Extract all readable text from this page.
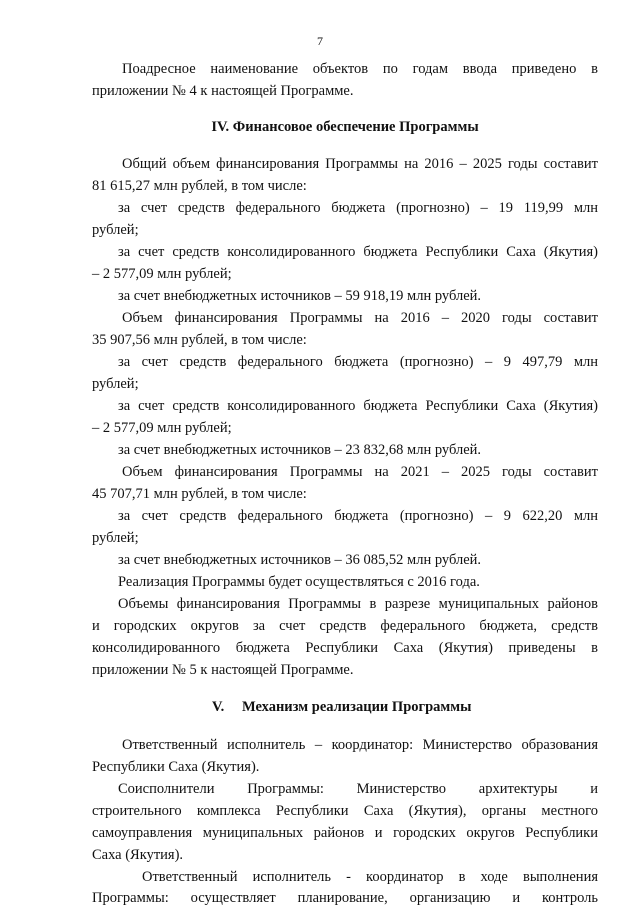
7
Поадресное наименование объектов по годам ввода приведено в
приложении № 4 к настоящей Программе.
IV. Финансовое обеспечение Программы
Общий объем финансирования Программы на 2016 – 2025 годы составит
81 615,27 млн рублей, в том числе:
за счет средств федерального бюджета (прогнозно) – 19 119,99 млн
рублей;
за счет средств консолидированного бюджета Республики Саха (Якутия)
– 2 577,09 млн рублей;
за счет внебюджетных источников – 59 918,19 млн рублей.
Объем финансирования Программы на 2016 – 2020 годы составит
35 907,56 млн рублей, в том числе:
за счет средств федерального бюджета (прогнозно) – 9 497,79 млн
рублей;
за счет средств консолидированного бюджета Республики Саха (Якутия)
– 2 577,09 млн рублей;
за счет внебюджетных источников – 23 832,68 млн рублей.
Объем финансирования Программы на 2021 – 2025 годы составит
45 707,71 млн рублей, в том числе:
за счет средств федерального бюджета (прогнозно) – 9 622,20 млн
рублей;
за счет внебюджетных источников – 36 085,52 млн рублей.
Реализация Программы будет осуществляться с 2016 года.
Объемы финансирования Программы в разрезе муниципальных районов
и городских округов за счет средств федерального бюджета, средств
консолидированного бюджета Республики Саха (Якутия) приведены в
приложении № 5 к настоящей Программе.
V. Механизм реализации Программы
Ответственный исполнитель – координатор: Министерство образования
Республики Саха (Якутия).
Соисполнители Программы: Министерство архитектуры и
строительного комплекса Республики Саха (Якутия), органы местного
самоуправления муниципальных районов и городских округов Республики
Саха (Якутия).
Ответственный исполнитель - координатор в ходе выполнения
Программы: осуществляет планирование, организацию и контроль
